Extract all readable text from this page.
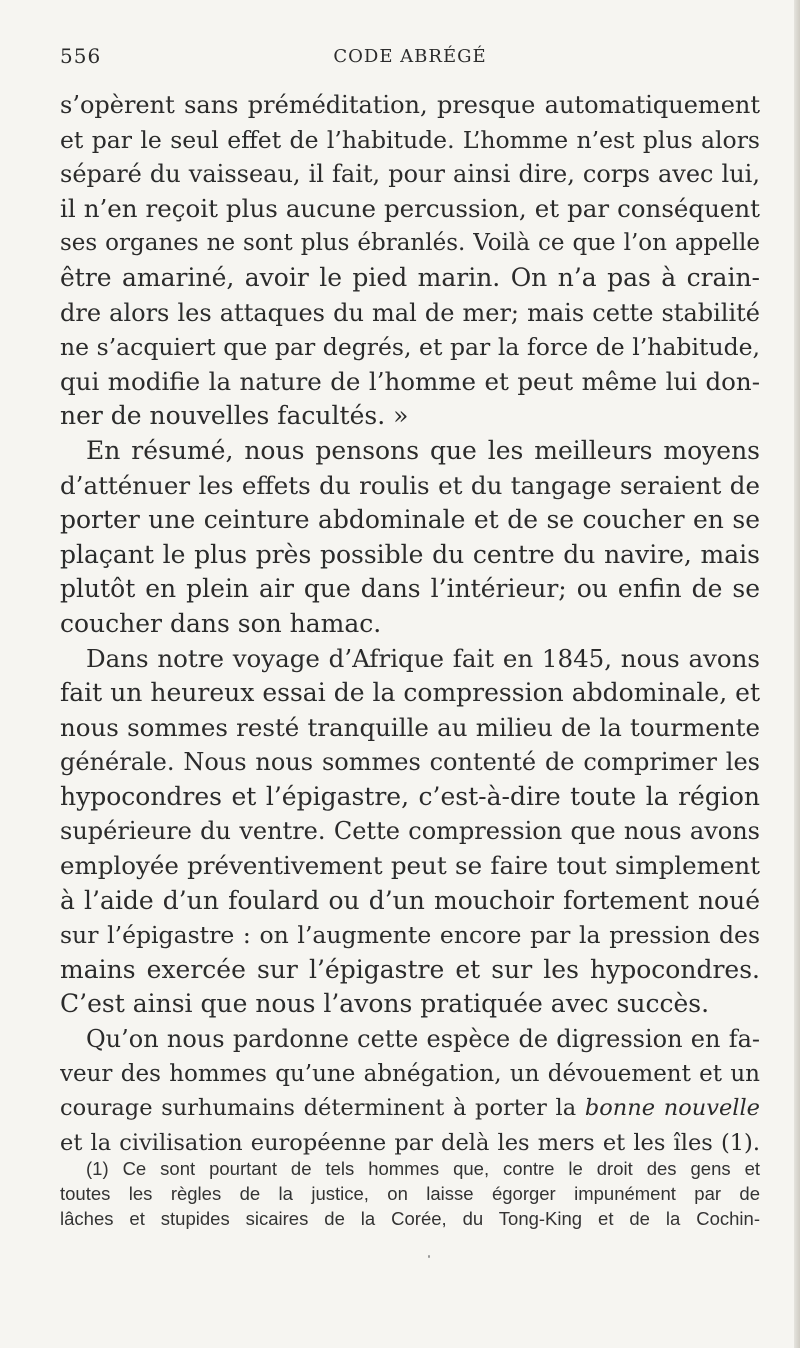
556	CODE ABRÉGÉ
s’opèrent sans préméditation, presque automatiquement
et par le seul effet de l’habitude. L’homme n’est plus alors
séparé du vaisseau, il fait, pour ainsi dire, corps avec lui,
il n’en reçoit plus aucune percussion, et par conséquent
ses organes ne sont plus ébranlés. Voilà ce que l’on appelle
être amariné, avoir le pied marin. On n’a pas à crain-
dre alors les attaques du mal de mer; mais cette stabilité
ne s’acquiert que par degrés, et par la force de l’habitude,
qui modifie la nature de l’homme et peut même lui don-
ner de nouvelles facultés. »
En résumé, nous pensons que les meilleurs moyens
d’atténuer les effets du roulis et du tangage seraient de
porter une ceinture abdominale et de se coucher en se
plaçant le plus près possible du centre du navire, mais
plutôt en plein air que dans l’intérieur; ou enfin de se
coucher dans son hamac.
Dans notre voyage d’Afrique fait en 1845, nous avons
fait un heureux essai de la compression abdominale, et
nous sommes resté tranquille au milieu de la tourmente
générale. Nous nous sommes contenté de comprimer les
hypocondres et l’épigastre, c’est-à-dire toute la région
supérieure du ventre. Cette compression que nous avons
employée préventivement peut se faire tout simplement
à l’aide d’un foulard ou d’un mouchoir fortement noué
sur l’épigastre : on l’augmente encore par la pression des
mains exercée sur l’épigastre et sur les hypocondres.
C’est ainsi que nous l’avons pratiquée avec succès.
Qu’on nous pardonne cette espèce de digression en fa-
veur des hommes qu’une abnégation, un dévouement et un
courage surhumains déterminent à porter la bonne nouvelle
et la civilisation européenne par delà les mers et les îles (1).
(1) Ce sont pourtant de tels hommes que, contre le droit des gens et
toutes les règles de la justice, on laisse égorger impunément par de
lâches et stupides sicaires de la Corée, du Tong-King et de la Cochin-
